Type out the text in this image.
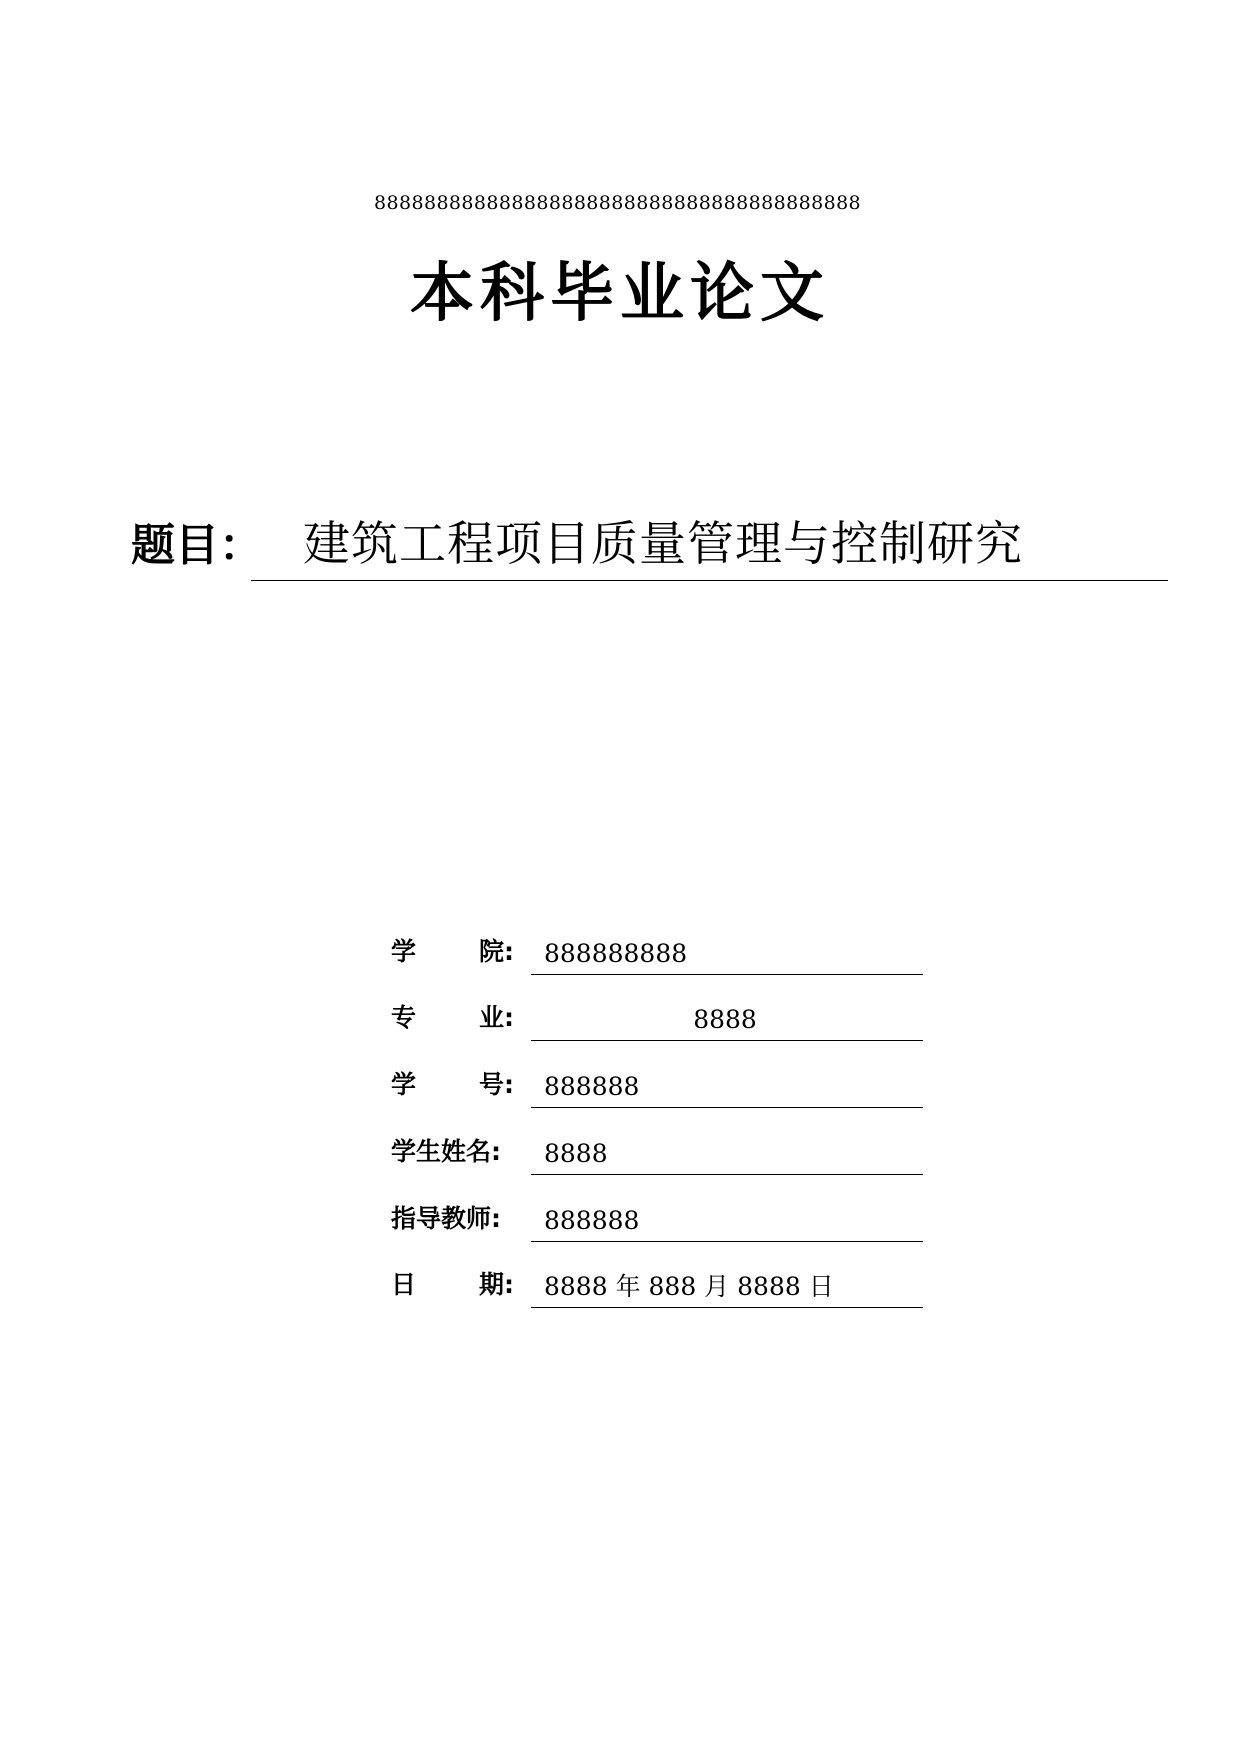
888888888888888888888888888888888888888
本科毕业论文
题目： 建筑工程项目质量管理与控制研究
学	院: 888888888
专	业:	8888
学	号: 888888
学生姓名:	8888
指导教师:	888888
日	期: 8888 年 888 月 8888 日
